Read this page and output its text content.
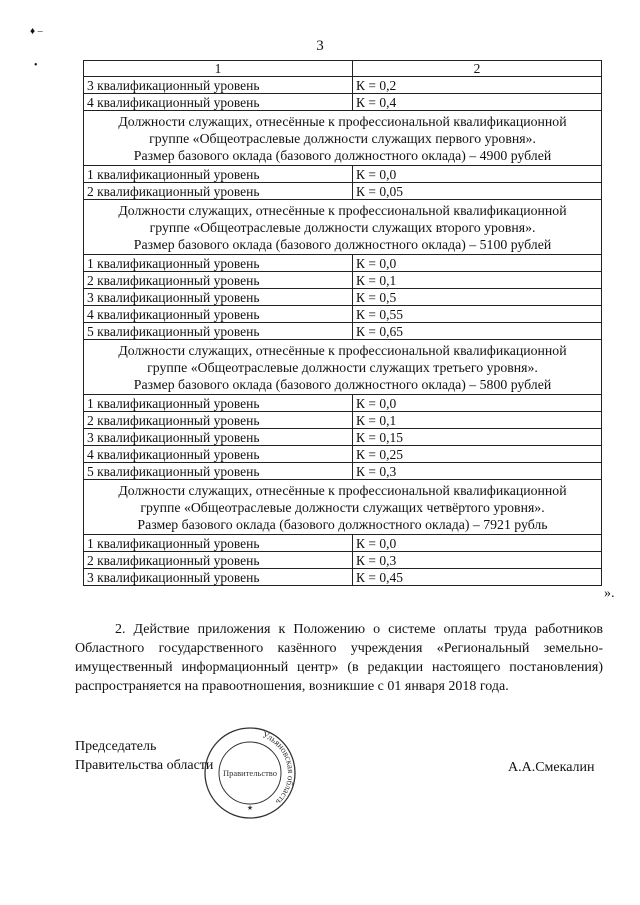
♦ –
•
3
1	2
3 квалификационный уровень	К = 0,2
4 квалификационный уровень	К = 0,4

Должности служащих, отнесённые к профессиональной квалификационной
группе «Общеотраслевые должности служащих первого уровня».
Размер базового оклада (базового должностного оклада) – 4900 рублей	

1 квалификационный уровень	К = 0,0
2 квалификационный уровень	К = 0,05

Должности служащих, отнесённые к профессиональной квалификационной
группе «Общеотраслевые должности служащих второго уровня».
Размер базового оклада (базового должностного оклада) – 5100 рублей	

1 квалификационный уровень	К = 0,0
2 квалификационный уровень	К = 0,1
3 квалификационный уровень	К = 0,5
4 квалификационный уровень	К = 0,55
5 квалификационный уровень	К = 0,65

Должности служащих, отнесённые к профессиональной квалификационной
группе «Общеотраслевые должности служащих третьего уровня».
Размер базового оклада (базового должностного оклада) – 5800 рублей	

1 квалификационный уровень	К = 0,0
2 квалификационный уровень	К = 0,1
3 квалификационный уровень	К = 0,15
4 квалификационный уровень	К = 0,25
5 квалификационный уровень	К = 0,3

Должности служащих, отнесённые к профессиональной квалификационной
группе «Общеотраслевые должности служащих четвёртого уровня».
Размер базового оклада (базового должностного оклада) – 7921 рубль	

1 квалификационный уровень	К = 0,0
2 квалификационный уровень	К = 0,3
3 квалификационный уровень	К = 0,45
».
2. Действие приложения к Положению о системе оплаты труда работников Областного государственного казённого учреждения «Региональный земельно-имущественный информационный центр» (в редакции настоящего постановления) распространяется на правоотношения, возникшие с 01 января 2018 года.
Председатель
Правительства области	А.А.Смекалин
Ульяновская область
Правительство
★
